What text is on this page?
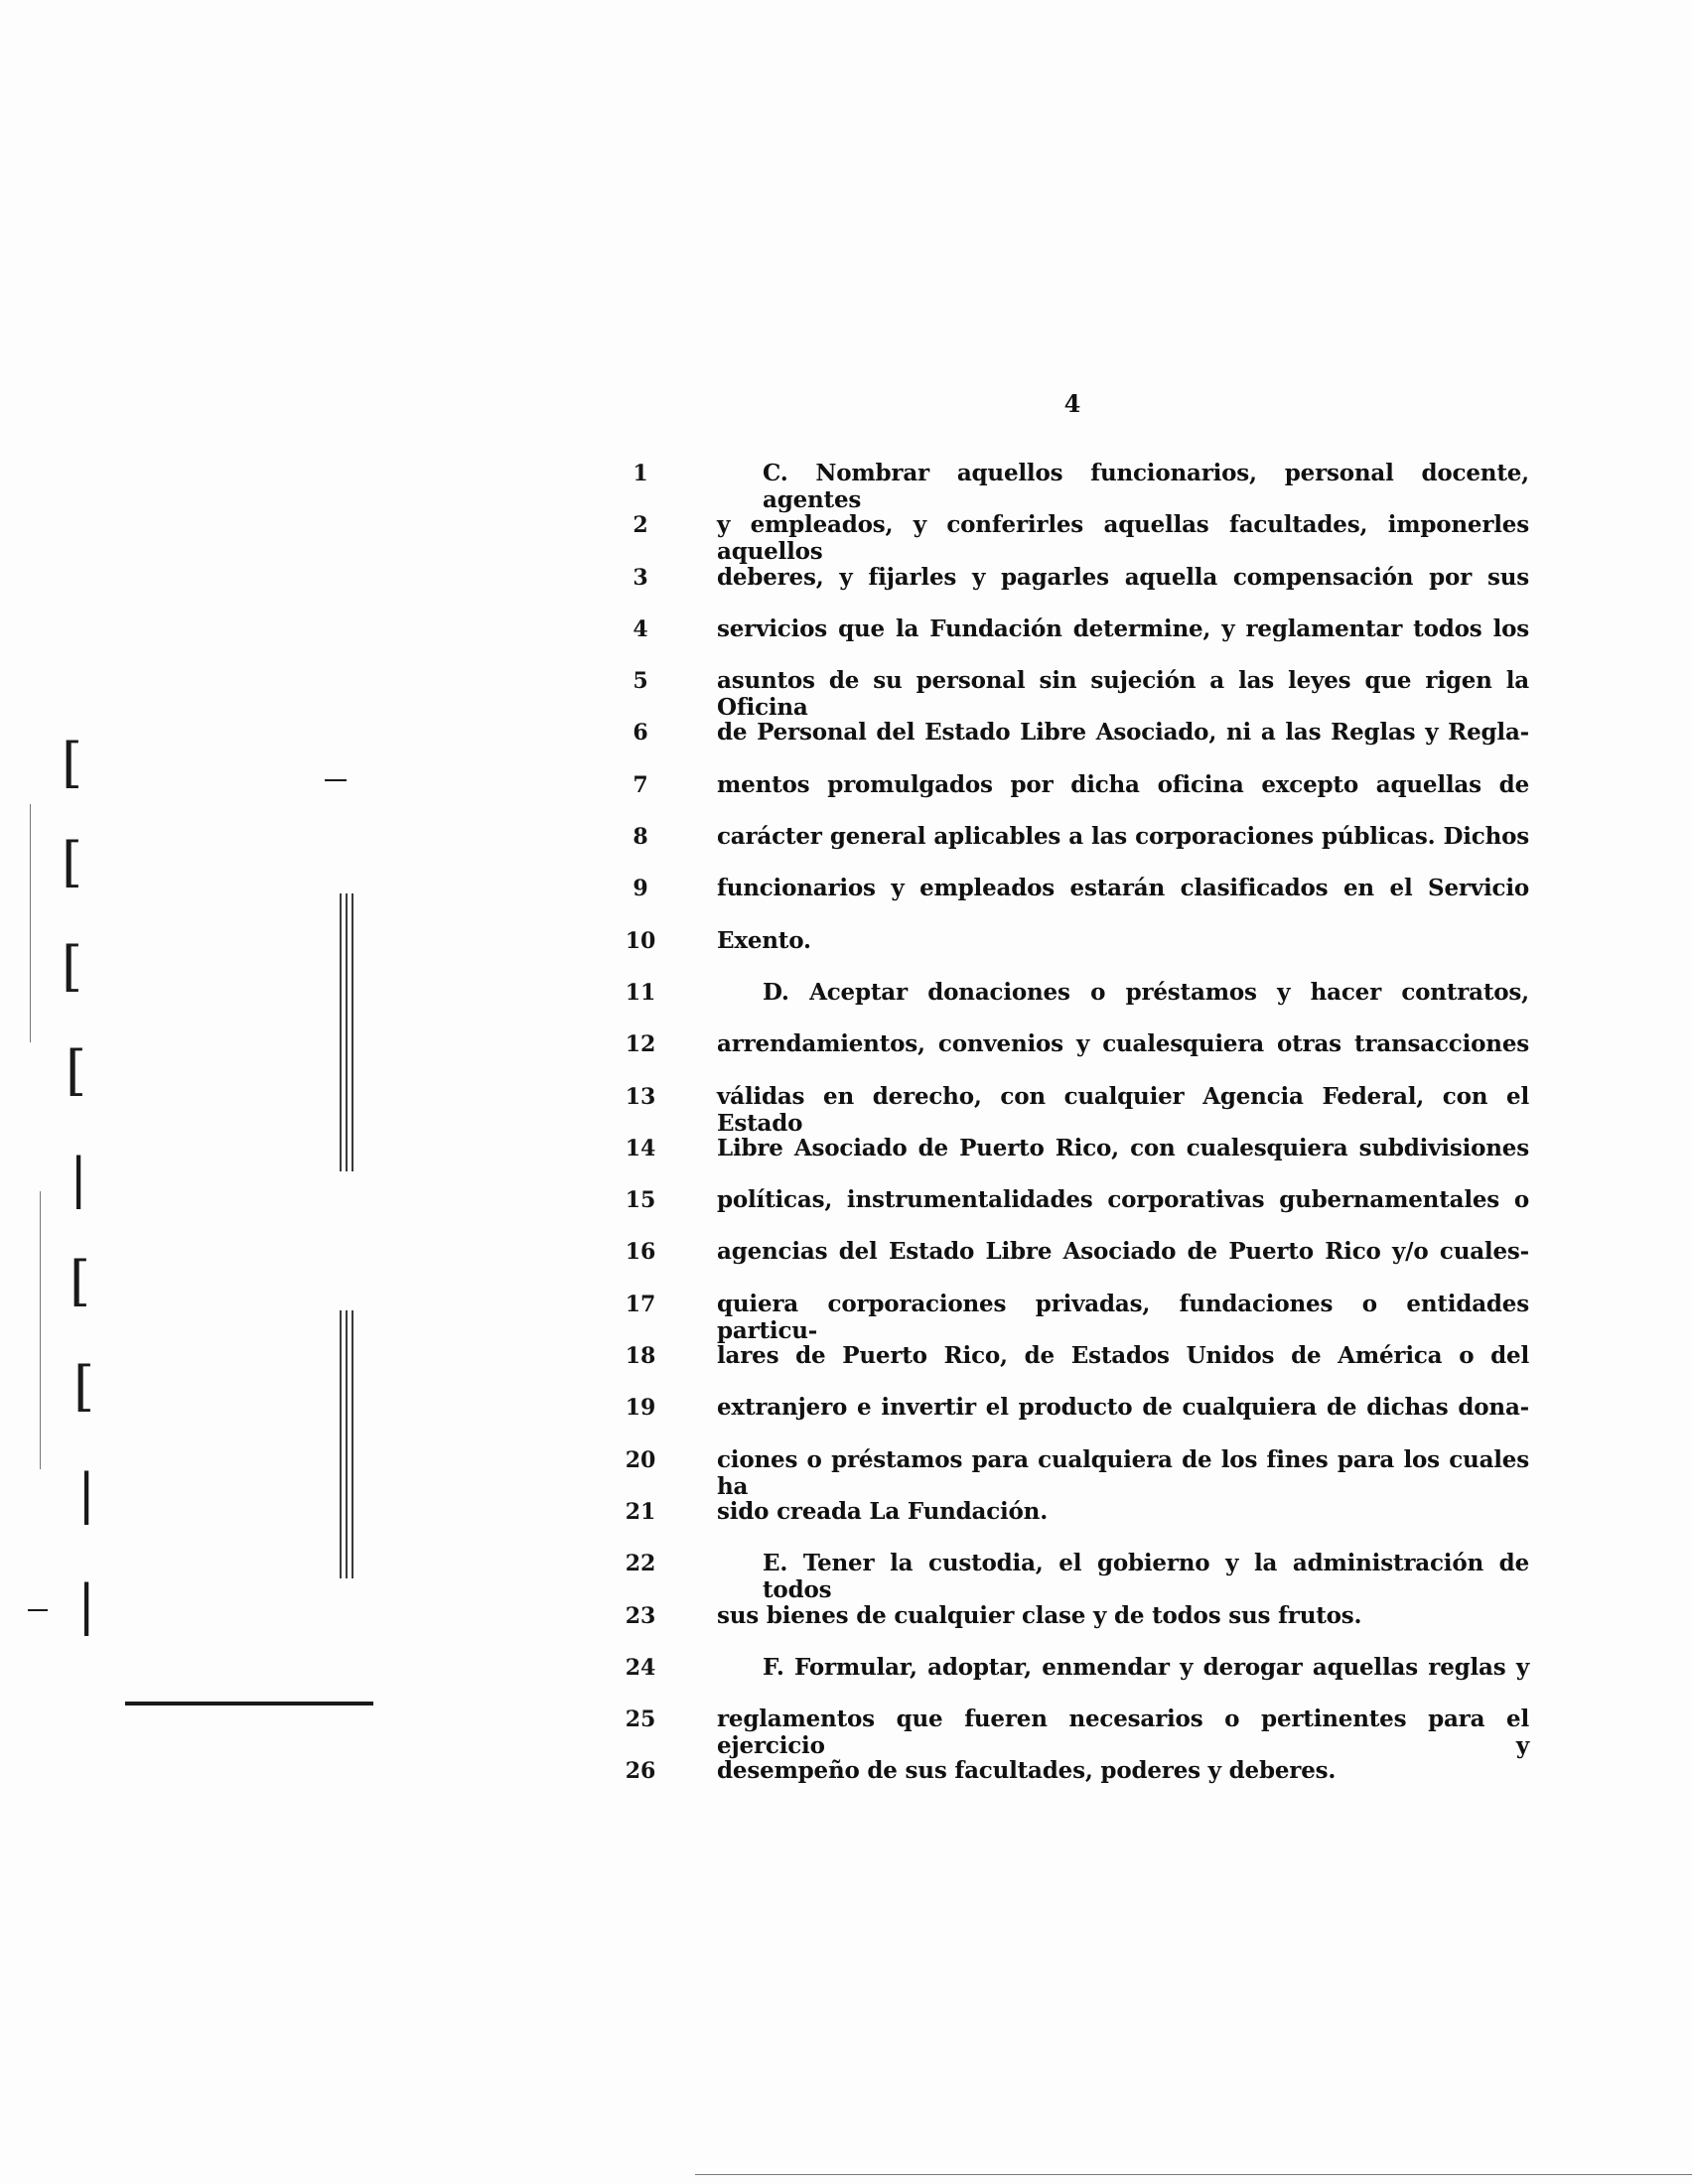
4
1	C. Nombrar aquellos funcionarios, personal docente, agentes
2	y empleados, y conferirles aquellas facultades, imponerles aquellos
3	deberes, y fijarles y pagarles aquella compensación por sus
4	servicios que la Fundación determine, y reglamentar todos los
5	asuntos de su personal sin sujeción a las leyes que rigen la Oficina
6	de Personal del Estado Libre Asociado, ni a las Reglas y Regla-
7	mentos promulgados por dicha oficina excepto aquellas de
8	carácter general aplicables a las corporaciones públicas. Dichos
9	funcionarios y empleados estarán clasificados en el Servicio
10	Exento.
11	D. Aceptar donaciones o préstamos y hacer contratos,
12	arrendamientos, convenios y cualesquiera otras transacciones
13	válidas en derecho, con cualquier Agencia Federal, con el Estado
14	Libre Asociado de Puerto Rico, con cualesquiera subdivisiones
15	políticas, instrumentalidades corporativas gubernamentales o
16	agencias del Estado Libre Asociado de Puerto Rico y/o cuales-
17	quiera corporaciones privadas, fundaciones o entidades particu-
18	lares de Puerto Rico, de Estados Unidos de América o del
19	extranjero e invertir el producto de cualquiera de dichas dona-
20	ciones o préstamos para cualquiera de los fines para los cuales ha
21	sido creada La Fundación.
22	E. Tener la custodia, el gobierno y la administración de todos
23	sus bienes de cualquier clase y de todos sus frutos.
24	F. Formular, adoptar, enmendar y derogar aquellas reglas y
25	reglamentos que fueren necesarios o pertinentes para el ejercicio y
26	desempeño de sus facultades, poderes y deberes.
[
[
[
[
|
[
[
|
|
